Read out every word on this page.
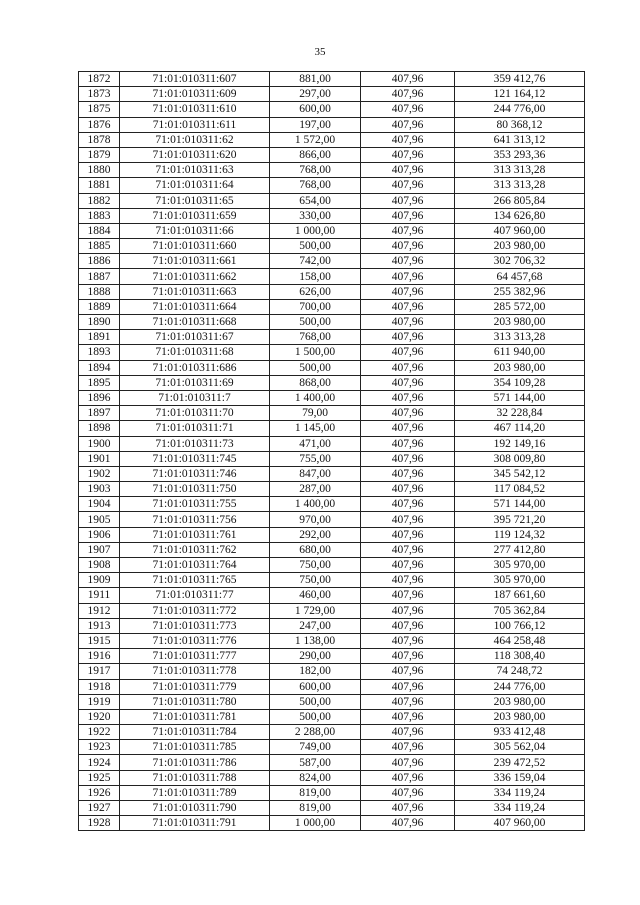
35
1872	71:01:010311:607	881,00	407,96	359 412,76
1873	71:01:010311:609	297,00	407,96	121 164,12
1875	71:01:010311:610	600,00	407,96	244 776,00
1876	71:01:010311:611	197,00	407,96	80 368,12
1878	71:01:010311:62	1 572,00	407,96	641 313,12
1879	71:01:010311:620	866,00	407,96	353 293,36
1880	71:01:010311:63	768,00	407,96	313 313,28
1881	71:01:010311:64	768,00	407,96	313 313,28
1882	71:01:010311:65	654,00	407,96	266 805,84
1883	71:01:010311:659	330,00	407,96	134 626,80
1884	71:01:010311:66	1 000,00	407,96	407 960,00
1885	71:01:010311:660	500,00	407,96	203 980,00
1886	71:01:010311:661	742,00	407,96	302 706,32
1887	71:01:010311:662	158,00	407,96	64 457,68
1888	71:01:010311:663	626,00	407,96	255 382,96
1889	71:01:010311:664	700,00	407,96	285 572,00
1890	71:01:010311:668	500,00	407,96	203 980,00
1891	71:01:010311:67	768,00	407,96	313 313,28
1893	71:01:010311:68	1 500,00	407,96	611 940,00
1894	71:01:010311:686	500,00	407,96	203 980,00
1895	71:01:010311:69	868,00	407,96	354 109,28
1896	71:01:010311:7	1 400,00	407,96	571 144,00
1897	71:01:010311:70	79,00	407,96	32 228,84
1898	71:01:010311:71	1 145,00	407,96	467 114,20
1900	71:01:010311:73	471,00	407,96	192 149,16
1901	71:01:010311:745	755,00	407,96	308 009,80
1902	71:01:010311:746	847,00	407,96	345 542,12
1903	71:01:010311:750	287,00	407,96	117 084,52
1904	71:01:010311:755	1 400,00	407,96	571 144,00
1905	71:01:010311:756	970,00	407,96	395 721,20
1906	71:01:010311:761	292,00	407,96	119 124,32
1907	71:01:010311:762	680,00	407,96	277 412,80
1908	71:01:010311:764	750,00	407,96	305 970,00
1909	71:01:010311:765	750,00	407,96	305 970,00
1911	71:01:010311:77	460,00	407,96	187 661,60
1912	71:01:010311:772	1 729,00	407,96	705 362,84
1913	71:01:010311:773	247,00	407,96	100 766,12
1915	71:01:010311:776	1 138,00	407,96	464 258,48
1916	71:01:010311:777	290,00	407,96	118 308,40
1917	71:01:010311:778	182,00	407,96	74 248,72
1918	71:01:010311:779	600,00	407,96	244 776,00
1919	71:01:010311:780	500,00	407,96	203 980,00
1920	71:01:010311:781	500,00	407,96	203 980,00
1922	71:01:010311:784	2 288,00	407,96	933 412,48
1923	71:01:010311:785	749,00	407,96	305 562,04
1924	71:01:010311:786	587,00	407,96	239 472,52
1925	71:01:010311:788	824,00	407,96	336 159,04
1926	71:01:010311:789	819,00	407,96	334 119,24
1927	71:01:010311:790	819,00	407,96	334 119,24
1928	71:01:010311:791	1 000,00	407,96	407 960,00
